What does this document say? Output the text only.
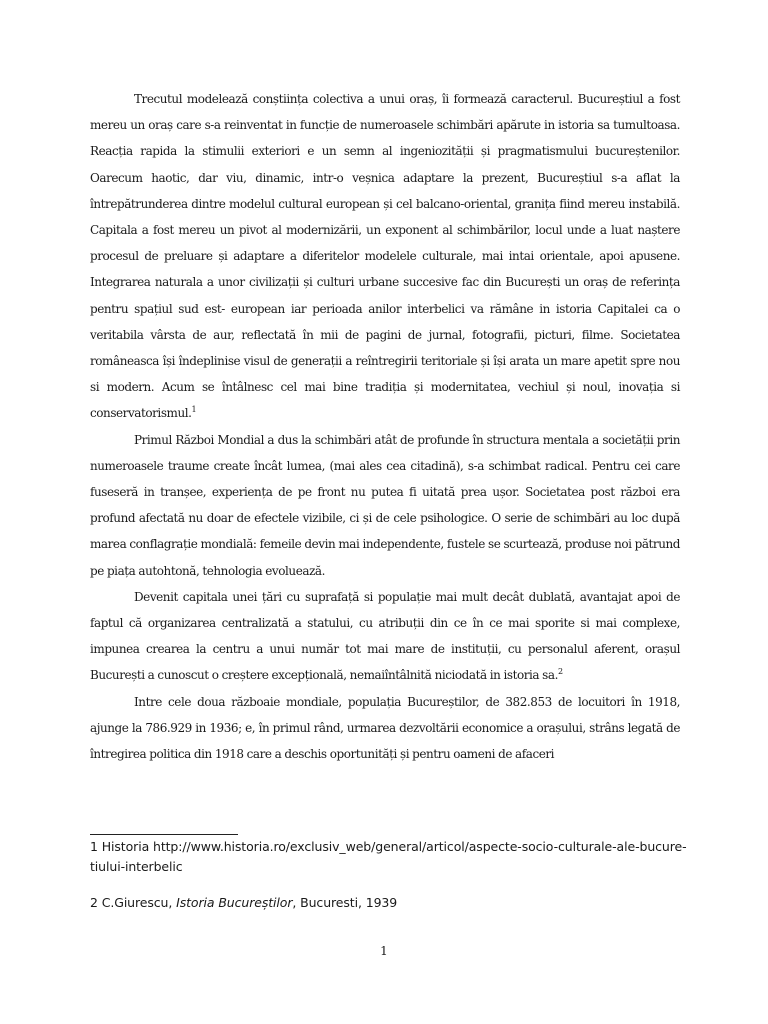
Trecutul modelează conștiința colectiva a unui oraș, îi formează caracterul. Bucureștiul a fost mereu un oraș care s-a reinventat in funcție de numeroasele schimbări apărute in istoria sa tumultoasa. Reacția rapida la stimulii exteriori e un semn al ingeniozității și pragmatismului bucureștenilor. Oarecum haotic, dar viu, dinamic, intr-o veșnica adaptare la prezent, Bucureștiul s-a aflat la întrepătrunderea dintre modelul cultural european și cel balcano-oriental, granița fiind mereu instabilă. Capitala a fost mereu un pivot al modernizării, un exponent al schimbărilor, locul unde a luat naștere procesul de preluare și adaptare a diferitelor modelele culturale, mai intai orientale, apoi apusene. Integrarea naturala a unor civilizații și culturi urbane succesive fac din București un oraș de referința pentru spațiul sud est- european iar perioada anilor interbelici va rămâne in istoria Capitalei ca o veritabila vârsta de aur, reflectată în mii de pagini de jurnal, fotografii, picturi, filme. Societatea româneasca își îndeplinise visul de generații a reîntregirii teritoriale și își arata un mare apetit spre nou si modern. Acum se întâlnesc cel mai bine tradiția și modernitatea, vechiul și noul, inovația si conservatorismul.$^1$

Primul Război Mondial a dus la schimbări atât de profunde în structura mentala a societății prin numeroasele traume create încât lumea, (mai ales cea citadină), s-a schimbat radical. Pentru cei care fuseseră in tranșee, experiența de pe front nu putea fi uitată prea ușor. Societatea post război era profund afectată nu doar de efectele vizibile, ci și de cele psihologice. O serie de schimbări au loc după marea conflagrație mondială: femeile devin mai independente, fustele se scurtează, produse noi pătrund pe piața autohtonă, tehnologia evoluează.

Devenit capitala unei țări cu suprafață si populație mai mult decât dublată, avantajat apoi de faptul că organizarea centralizată a statului, cu atribuții din ce în ce mai sporite si mai complexe, impunea crearea la centru a unui număr tot mai mare de instituții, cu personalul aferent, orașul București a cunoscut o creștere excepțională, nemaiîntâlnită niciodată in istoria sa.$^2$

Intre cele doua războaie mondiale, populația Bucureștilor, de 382.853 de locuitori în 1918, ajunge la 786.929 in 1936; e, în primul rând, urmarea dezvoltării economice a orașului, strâns legată de întregirea politica din 1918 care a deschis oportunități și pentru oameni de afaceri

1 Historia http://www.historia.ro/exclusiv_web/general/articol/aspecte-socio-culturale-ale-bucure-tiului-interbelic

2 C.Giurescu, Istoria Bucureștilor, Bucuresti, 1939

1
